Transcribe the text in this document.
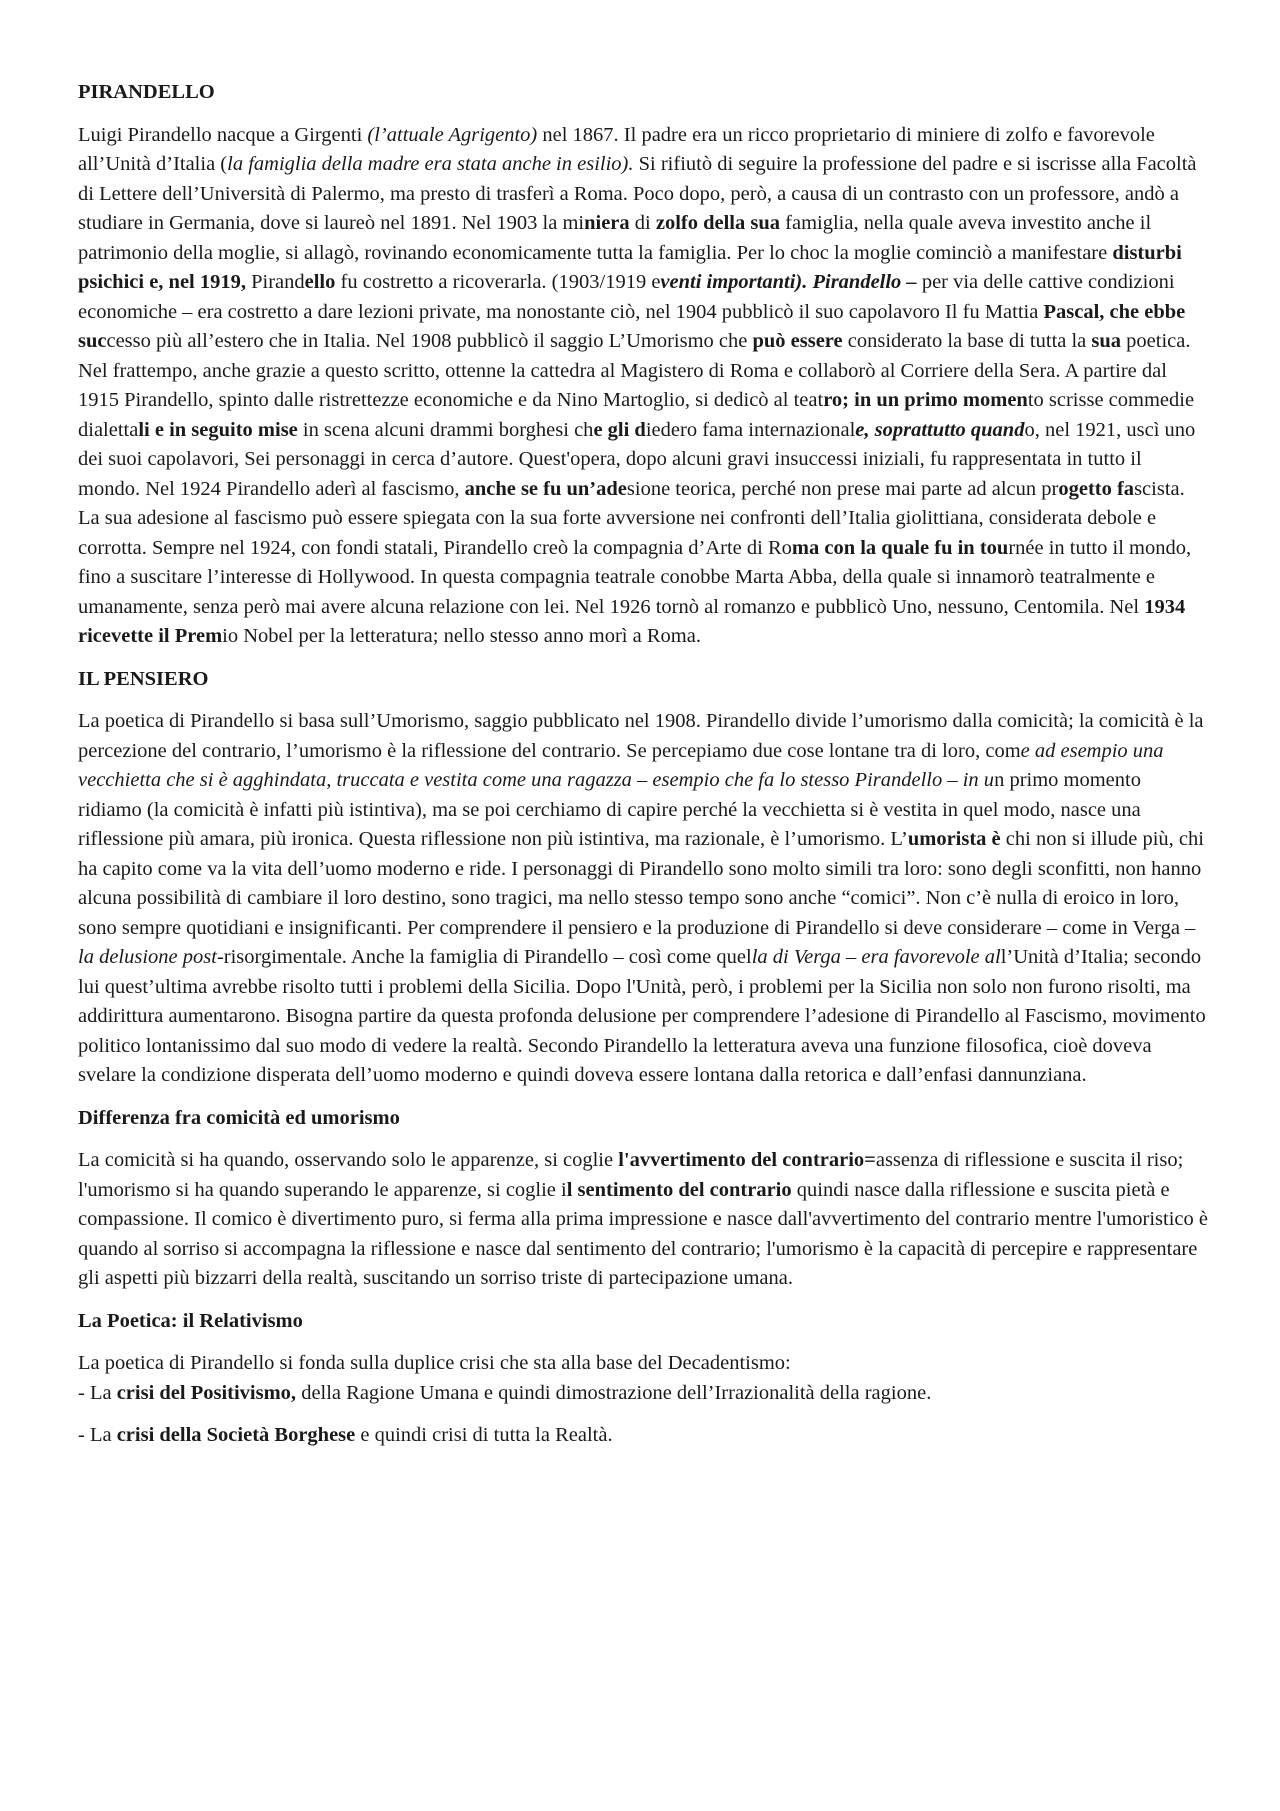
PIRANDELLO

Luigi Pirandello nacque a Girgenti (l’attuale Agrigento) nel 1867. Il padre era un ricco proprietario di miniere di zolfo e favorevole all’Unità d’Italia (la famiglia della madre era stata anche in esilio). Si rifiutò di seguire la professione del padre e si iscrisse alla Facoltà di Lettere dell’Università di Palermo, ma presto di trasferì a Roma. Poco dopo, però, a causa di un contrasto con un professore, andò a studiare in Germania, dove si laureò nel 1891. Nel 1903 la miniera di zolfo della sua famiglia, nella quale aveva investito anche il patrimonio della moglie, si allagò, rovinando economicamente tutta la famiglia. Per lo choc la moglie cominciò a manifestare disturbi psichici e, nel 1919, Pirandello fu costretto a ricoverarla. (1903/1919 eventi importanti). Pirandello – per via delle cattive condizioni economiche – era costretto a dare lezioni private, ma nonostante ciò, nel 1904 pubblicò il suo capolavoro Il fu Mattia Pascal, che ebbe successo più all’estero che in Italia. Nel 1908 pubblicò il saggio L’Umorismo che può essere considerato la base di tutta la sua poetica. Nel frattempo, anche grazie a questo scritto, ottenne la cattedra al Magistero di Roma e collaborò al Corriere della Sera. A partire dal 1915 Pirandello, spinto dalle ristrettezze economiche e da Nino Martoglio, si dedicò al teatro; in un primo momento scrisse commedie dialettali e in seguito mise in scena alcuni drammi borghesi che gli diedero fama internazionale, soprattutto quando, nel 1921, uscì uno dei suoi capolavori, Sei personaggi in cerca d’autore. Quest'opera, dopo alcuni gravi insuccessi iniziali, fu rappresentata in tutto il mondo. Nel 1924 Pirandello aderì al fascismo, anche se fu un’adesione teorica, perché non prese mai parte ad alcun progetto fascista. La sua adesione al fascismo può essere spiegata con la sua forte avversione nei confronti dell’Italia giolittiana, considerata debole e corrotta. Sempre nel 1924, con fondi statali, Pirandello creò la compagnia d’Arte di Roma con la quale fu in tournée in tutto il mondo, fino a suscitare l’interesse di Hollywood. In questa compagnia teatrale conobbe Marta Abba, della quale si innamorò teatralmente e umanamente, senza però mai avere alcuna relazione con lei. Nel 1926 tornò al romanzo e pubblicò Uno, nessuno, Centomila. Nel 1934 ricevette il Premio Nobel per la letteratura; nello stesso anno morì a Roma.

IL PENSIERO

La poetica di Pirandello si basa sull’Umorismo, saggio pubblicato nel 1908. Pirandello divide l’umorismo dalla comicità; la comicità è la percezione del contrario, l’umorismo è la riflessione del contrario. Se percepiamo due cose lontane tra di loro, come ad esempio una vecchietta che si è agghindata, truccata e vestita come una ragazza – esempio che fa lo stesso Pirandello – in un primo momento ridiamo (la comicità è infatti più istintiva), ma se poi cerchiamo di capire perché la vecchietta si è vestita in quel modo, nasce una riflessione più amara, più ironica. Questa riflessione non più istintiva, ma razionale, è l’umorismo. L’umorista è chi non si illude più, chi ha capito come va la vita dell’uomo moderno e ride. I personaggi di Pirandello sono molto simili tra loro: sono degli sconfitti, non hanno alcuna possibilità di cambiare il loro destino, sono tragici, ma nello stesso tempo sono anche “comici”. Non c’è nulla di eroico in loro, sono sempre quotidiani e insignificanti. Per comprendere il pensiero e la produzione di Pirandello si deve considerare – come in Verga – la delusione post-risorgimentale. Anche la famiglia di Pirandello – così come quella di Verga – era favorevole all’Unità d’Italia; secondo lui quest’ultima avrebbe risolto tutti i problemi della Sicilia. Dopo l'Unità, però, i problemi per la Sicilia non solo non furono risolti, ma addirittura aumentarono. Bisogna partire da questa profonda delusione per comprendere l’adesione di Pirandello al Fascismo, movimento politico lontanissimo dal suo modo di vedere la realtà. Secondo Pirandello la letteratura aveva una funzione filosofica, cioè doveva svelare la condizione disperata dell’uomo moderno e quindi doveva essere lontana dalla retorica e dall’enfasi dannunziana.

Differenza fra comicità ed umorismo

La comicità si ha quando, osservando solo le apparenze, si coglie l'avvertimento del contrario=assenza di riflessione e suscita il riso; l'umorismo si ha quando superando le apparenze, si coglie il sentimento del contrario quindi nasce dalla riflessione e suscita pietà e compassione. Il comico è divertimento puro, si ferma alla prima impressione e nasce dall'avvertimento del contrario mentre l'umoristico è quando al sorriso si accompagna la riflessione e nasce dal sentimento del contrario; l'umorismo è la capacità di percepire e rappresentare gli aspetti più bizzarri della realtà, suscitando un sorriso triste di partecipazione umana.

La Poetica: il Relativismo

La poetica di Pirandello si fonda sulla duplice crisi che sta alla base del Decadentismo:

- La crisi del Positivismo, della Ragione Umana e quindi dimostrazione dell’Irrazionalità della ragione.

- La crisi della Società Borghese e quindi crisi di tutta la Realtà.
